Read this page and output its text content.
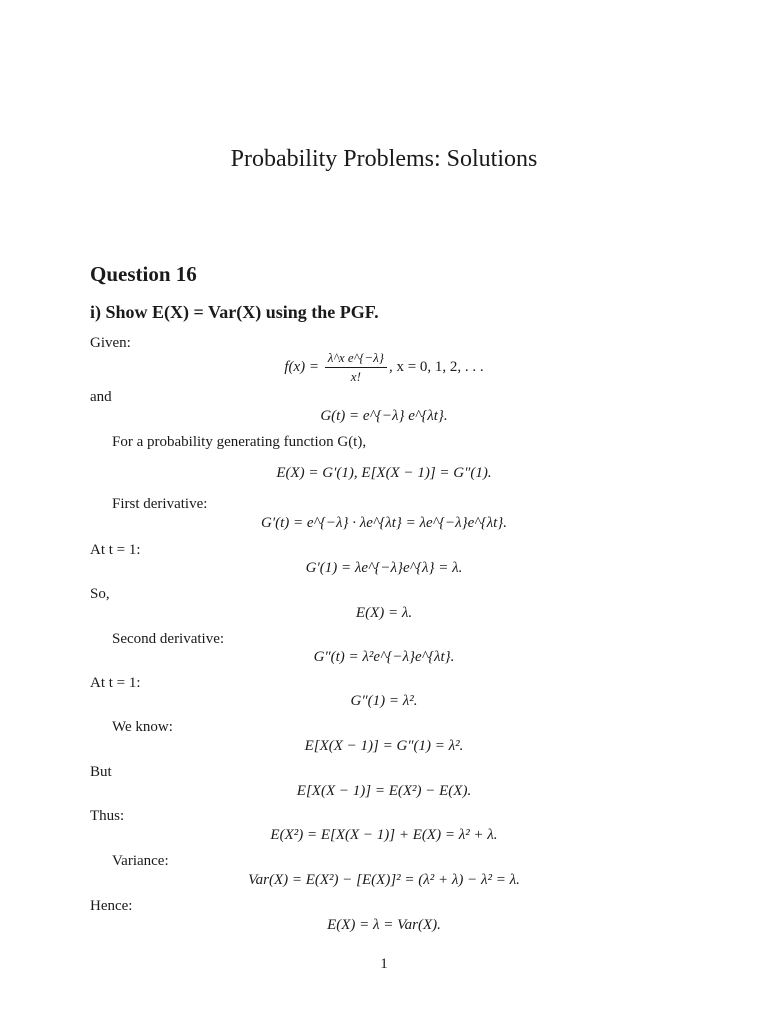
Probability Problems: Solutions
Question 16
i) Show E(X) = Var(X) using the PGF.
Given:
$f(x) = \frac{\text{λ\textasciicircum{}x e\textasciicircum{}\{−λ\}}}{x!}$ , x = 0, 1, 2, . . .
and
G(t) = e^{−λ} e^{λt}.
For a probability generating function G(t),
E(X) = G′(1), E[X(X − 1)] = G″(1).
First derivative:
G′(t) = e^{−λ} · λe^{λt} = λe^{−λ}e^{λt}.
At t = 1:
G′(1) = λe^{−λ}e^{λ} = λ.
So,
E(X) = λ.
Second derivative:
G″(t) = λ²e^{−λ}e^{λt}.
At t = 1:
G″(1) = λ².
We know:
E[X(X − 1)] = G″(1) = λ².
But
E[X(X − 1)] = E(X²) − E(X).
Thus:
E(X²) = E[X(X − 1)] + E(X) = λ² + λ.
Variance:
Var(X) = E(X²) − [E(X)]² = (λ² + λ) − λ² = λ.
Hence:
E(X) = λ = Var(X).
1
